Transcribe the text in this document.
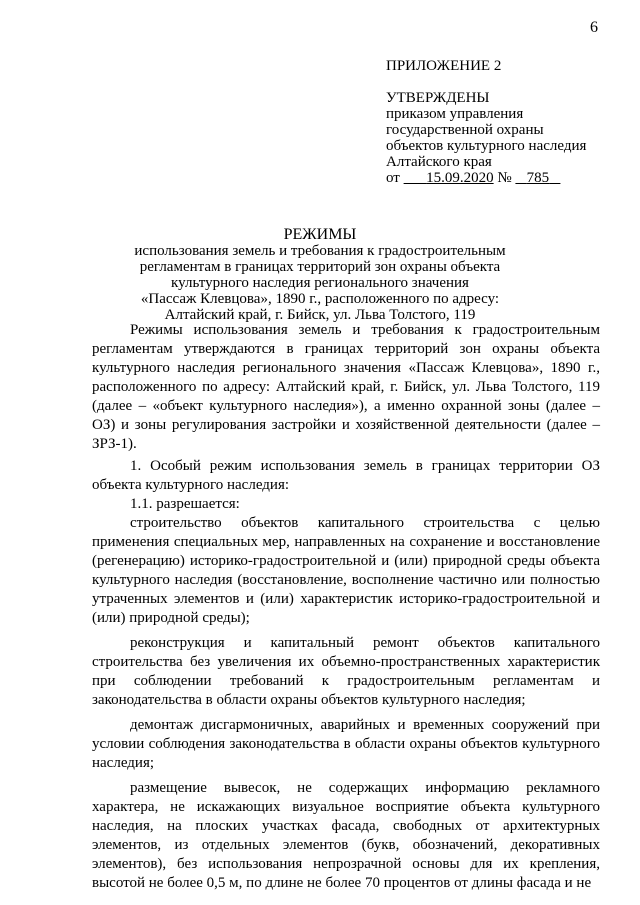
6
ПРИЛОЖЕНИЕ 2
УТВЕРЖДЕНЫ
приказом управления
государственной охраны
объектов культурного наследия
Алтайского края
от 15.09.2020 № 785
РЕЖИМЫ
использования земель и требования к градостроительным
регламентам в границах территорий зон охраны объекта
культурного наследия регионального значения
«Пассаж Клевцова», 1890 г., расположенного по адресу:
Алтайский край, г. Бийск, ул. Льва Толстого, 119

Режимы использования земель и требования к градостроительным регламентам утверждаются в границах территорий зон охраны объекта культурного наследия регионального значения «Пассаж Клевцова», 1890 г., расположенного по адресу: Алтайский край, г. Бийск, ул. Льва Толстого, 119 (далее – «объект культурного наследия»), а именно охранной зоны (далее – ОЗ) и зоны регулирования застройки и хозяйственной деятельности (далее – ЗРЗ-1).

1. Особый режим использования земель в границах территории ОЗ объекта культурного наследия:

1.1. разрешается:

строительство объектов капитального строительства с целью применения специальных мер, направленных на сохранение и восстановление (регенерацию) историко-градостроительной и (или) природной среды объекта культурного наследия (восстановление, восполнение частично или полностью утраченных элементов и (или) характеристик историко-градостроительной и (или) природной среды);

реконструкция и капитальный ремонт объектов капитального строительства без увеличения их объемно-пространственных характеристик при соблюдении требований к градостроительным регламентам и законодательства в области охраны объектов культурного наследия;

демонтаж дисгармоничных, аварийных и временных сооружений при условии соблюдения законодательства в области охраны объектов культурного наследия;

размещение вывесок, не содержащих информацию рекламного характера, не искажающих визуальное восприятие объекта культурного наследия, на плоских участках фасада, свободных от архитектурных элементов, из отдельных элементов (букв, обозначений, декоративных элементов), без использования непрозрачной основы для их крепления, высотой не более 0,5 м, по длине не более 70 процентов от длины фасада и не
